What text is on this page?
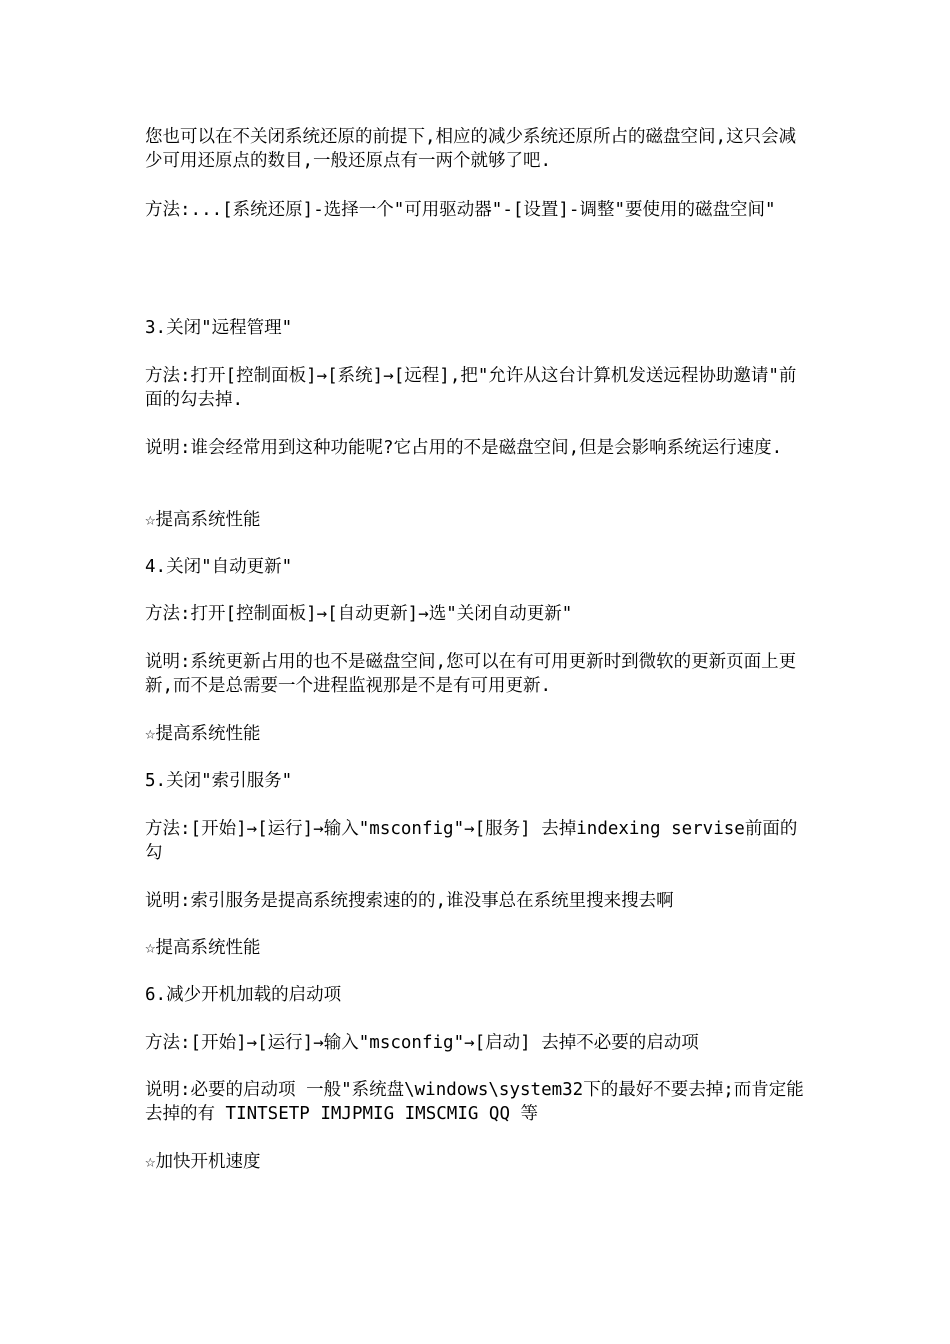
您也可以在不关闭系统还原的前提下,相应的减少系统还原所占的磁盘空间,这只会减少可用还原点的数目,一般还原点有一两个就够了吧.

方法:...[系统还原]-选择一个"可用驱动器"-[设置]-调整"要使用的磁盘空间"

3.关闭"远程管理"

方法:打开[控制面板]→[系统]→[远程],把"允许从这台计算机发送远程协助邀请"前面的勾去掉.

说明:谁会经常用到这种功能呢?它占用的不是磁盘空间,但是会影响系统运行速度.

☆提高系统性能

4.关闭"自动更新"

方法:打开[控制面板]→[自动更新]→选"关闭自动更新"

说明:系统更新占用的也不是磁盘空间,您可以在有可用更新时到微软的更新页面上更新,而不是总需要一个进程监视那是不是有可用更新.

☆提高系统性能

5.关闭"索引服务"

方法:[开始]→[运行]→输入"msconfig"→[服务] 去掉indexing servise前面的勾

说明:索引服务是提高系统搜索速的的,谁没事总在系统里搜来搜去啊

☆提高系统性能

6.减少开机加载的启动项

方法:[开始]→[运行]→输入"msconfig"→[启动] 去掉不必要的启动项

说明:必要的启动项 一般"系统盘\windows\system32下的最好不要去掉;而肯定能去掉的有 TINTSETP IMJPMIG IMSCMIG QQ 等

☆加快开机速度
